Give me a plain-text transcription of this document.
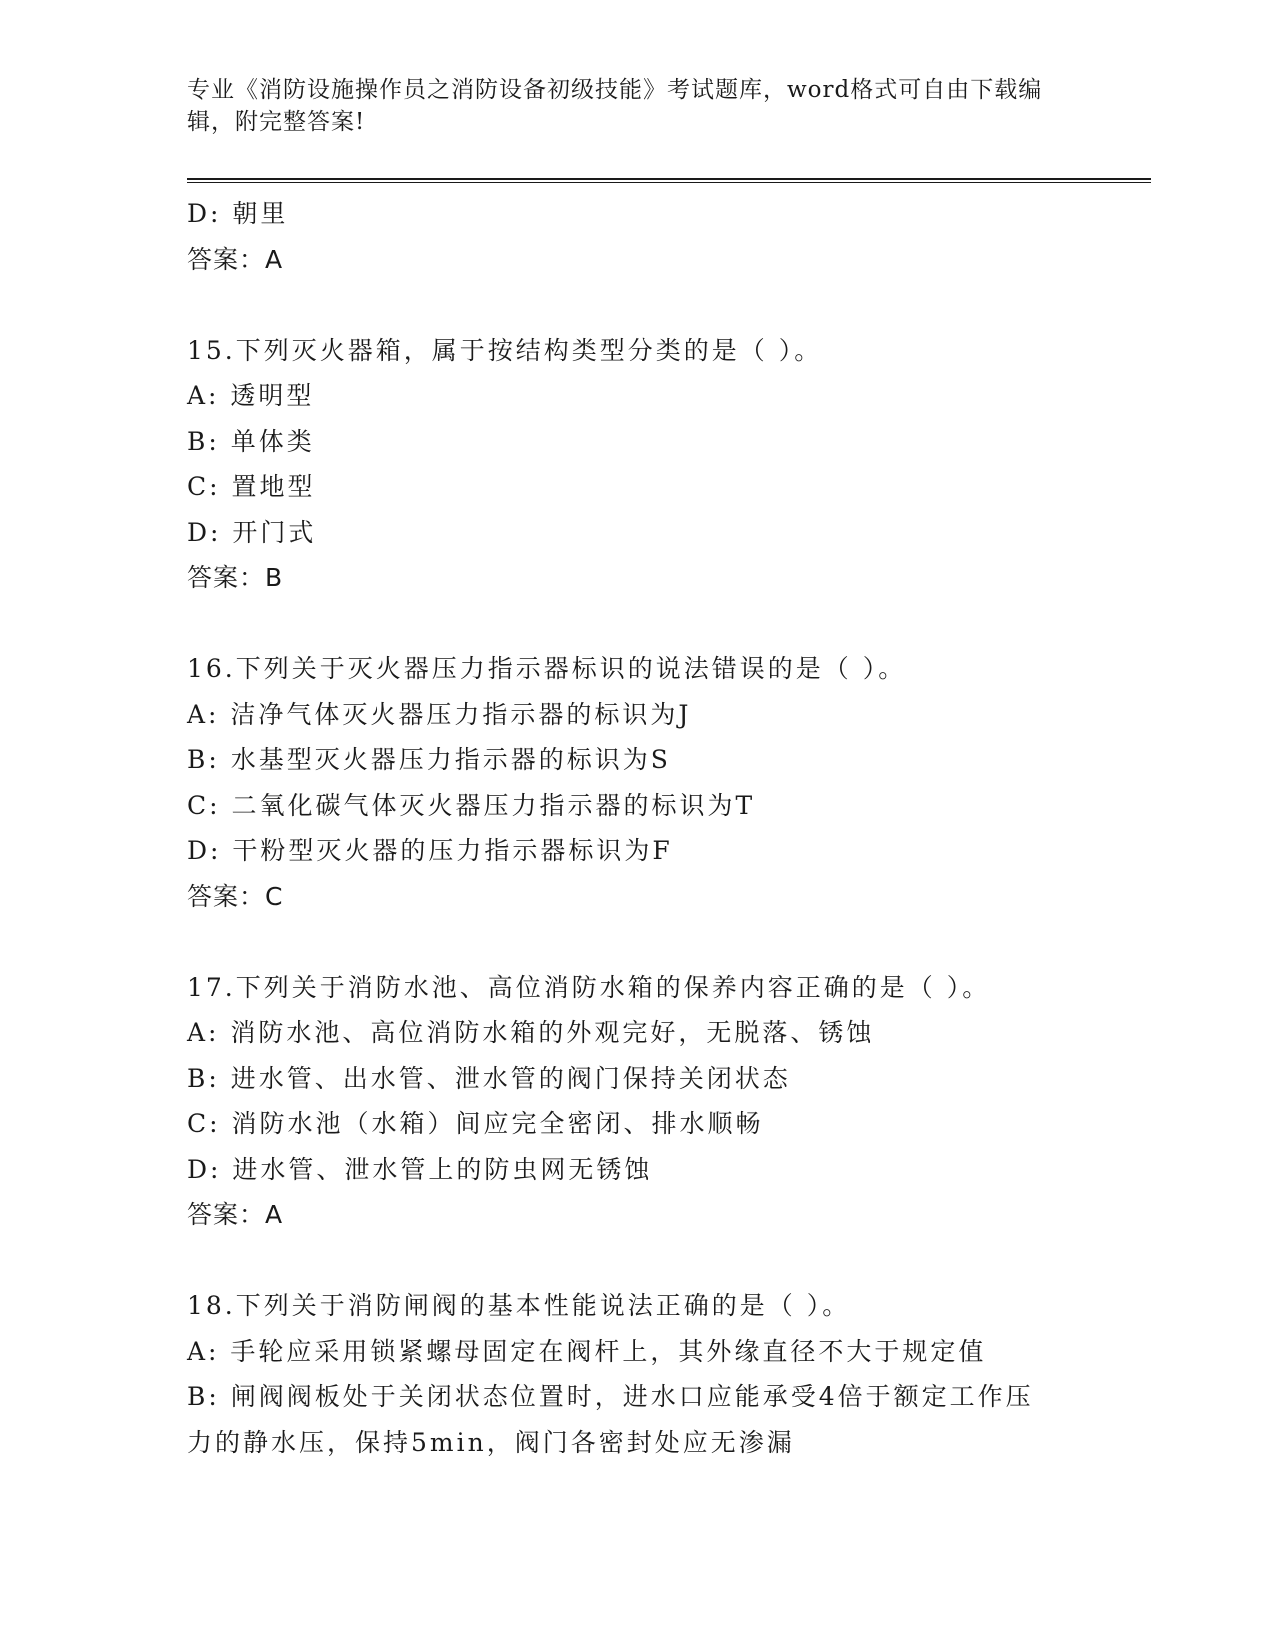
专业《消防设施操作员之消防设备初级技能》考试题库，word格式可自由下载编
辑，附完整答案!
D: 朝里
答案：A
15.下列灭火器箱，属于按结构类型分类的是（ ）。
A: 透明型
B: 单体类
C: 置地型
D: 开门式
答案：B
16.下列关于灭火器压力指示器标识的说法错误的是（ ）。
A: 洁净气体灭火器压力指示器的标识为J
B: 水基型灭火器压力指示器的标识为S
C: 二氧化碳气体灭火器压力指示器的标识为T
D: 干粉型灭火器的压力指示器标识为F
答案：C
17.下列关于消防水池、高位消防水箱的保养内容正确的是（ ）。
A: 消防水池、高位消防水箱的外观完好，无脱落、锈蚀
B: 进水管、出水管、泄水管的阀门保持关闭状态
C: 消防水池（水箱）间应完全密闭、排水顺畅
D: 进水管、泄水管上的防虫网无锈蚀
答案：A
18.下列关于消防闸阀的基本性能说法正确的是（ ）。
A: 手轮应采用锁紧螺母固定在阀杆上，其外缘直径不大于规定值
B: 闸阀阀板处于关闭状态位置时，进水口应能承受4倍于额定工作压
力的静水压，保持5min，阀门各密封处应无渗漏
